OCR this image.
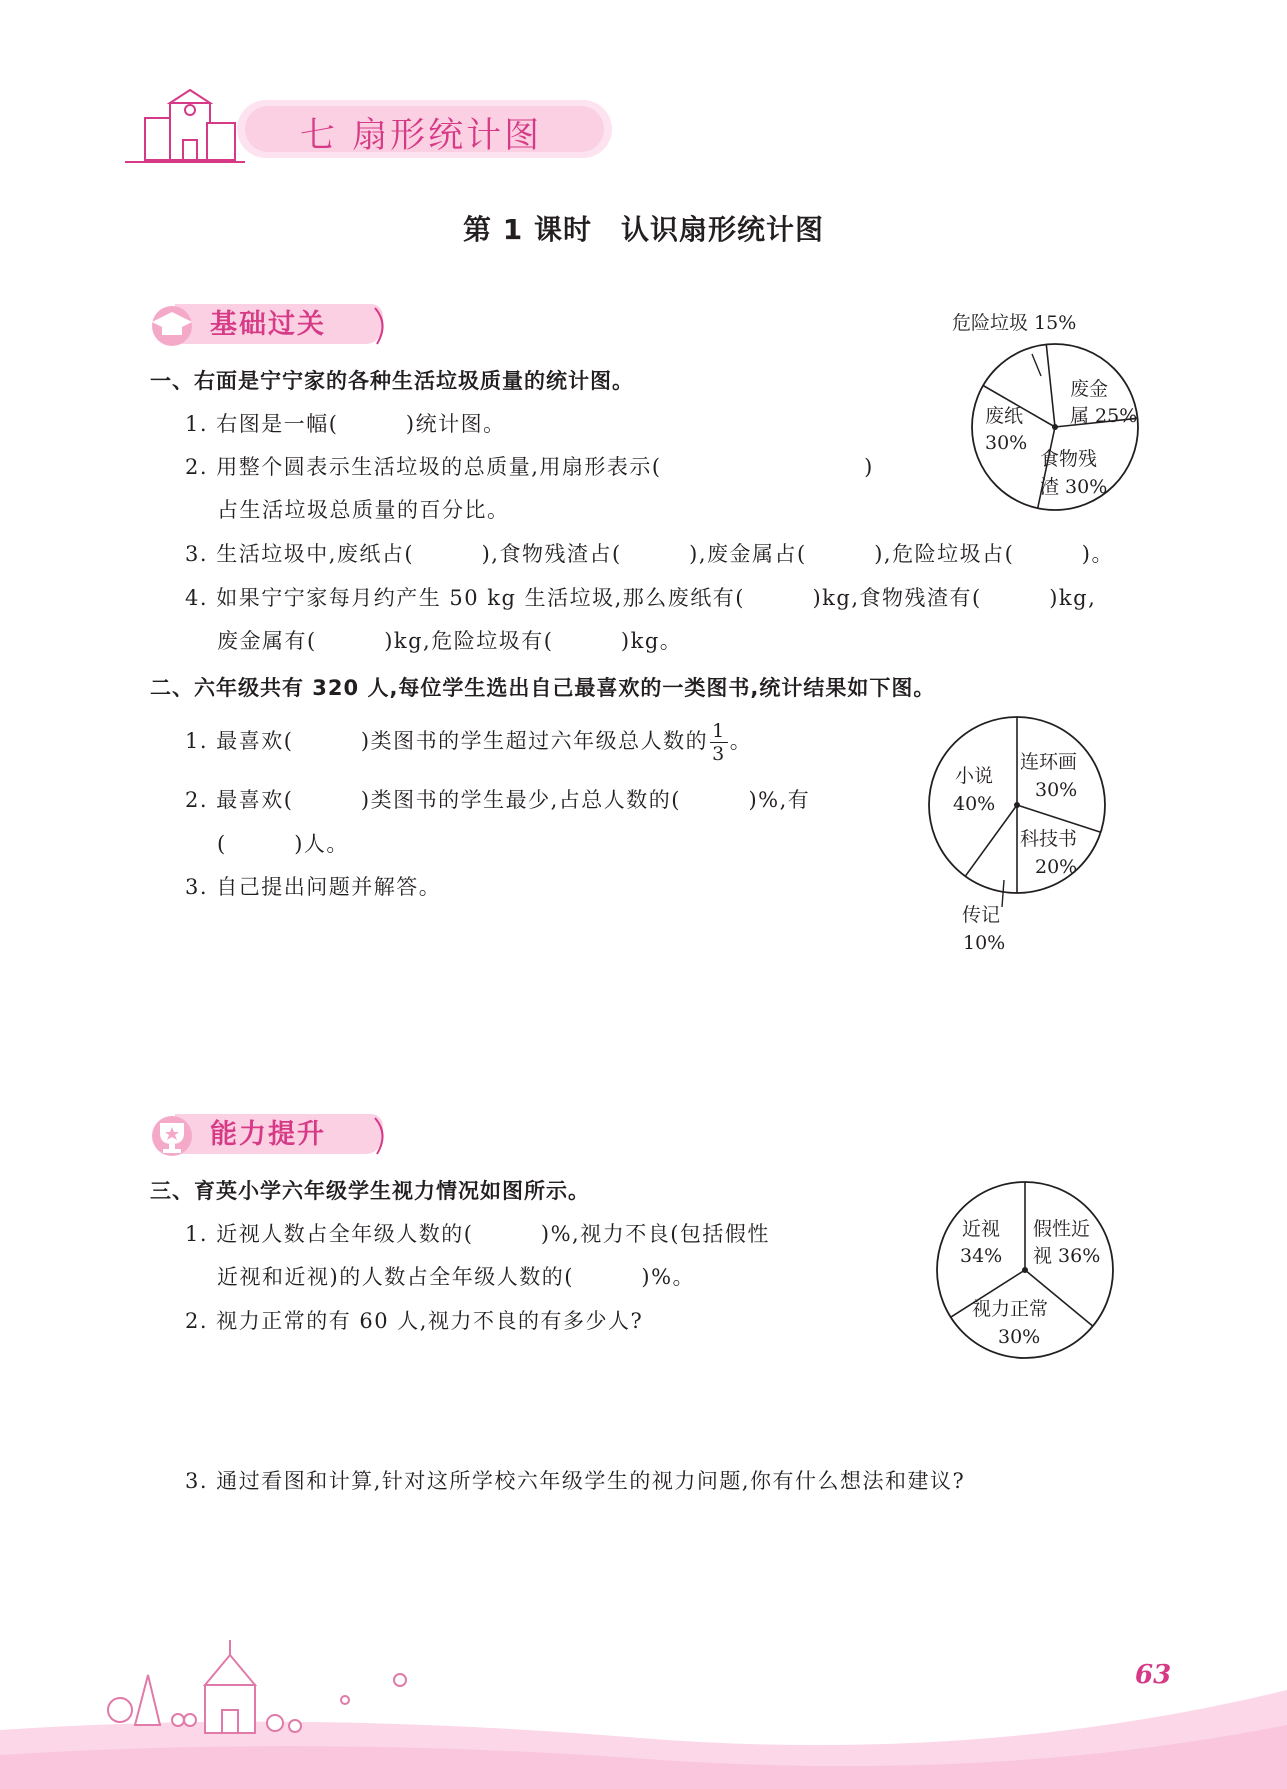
七 扇形统计图
第 1 课时　认识扇形统计图
基础过关
一、右面是宁宁家的各种生活垃圾质量的统计图。
1. 右图是一幅(　　　)统计图。
2. 用整个圆表示生活垃圾的总质量,用扇形表示(　　　　　　　　　)
占生活垃圾总质量的百分比。
3. 生活垃圾中,废纸占(　　　),食物残渣占(　　　),废金属占(　　　),危险垃圾占(　　　)。
4. 如果宁宁家每月约产生 50 kg 生活垃圾,那么废纸有(　　　)kg,食物残渣有(　　　)kg,
废金属有(　　　)kg,危险垃圾有(　　　)kg。
危险垃圾 15%
废金
属 25%
废纸
30%
食物残
渣 30%
二、六年级共有 320 人,每位学生选出自己最喜欢的一类图书,统计结果如下图。
1. 最喜欢(　　　)类图书的学生超过六年级总人数的 $\frac{1}{3}$ 。
2. 最喜欢(　　　)类图书的学生最少,占总人数的(　　　)%,有
(　　　)人。
3. 自己提出问题并解答。
小说
40%
连环画
30%
科技书
20%
传记
10%
能力提升
三、育英小学六年级学生视力情况如图所示。
1. 近视人数占全年级人数的(　　　)%,视力不良(包括假性
近视和近视)的人数占全年级人数的(　　　)%。
2. 视力正常的有 60 人,视力不良的有多少人?
3. 通过看图和计算,针对这所学校六年级学生的视力问题,你有什么想法和建议?
近视
34%
假性近
视 36%
视力正常
30%
63
